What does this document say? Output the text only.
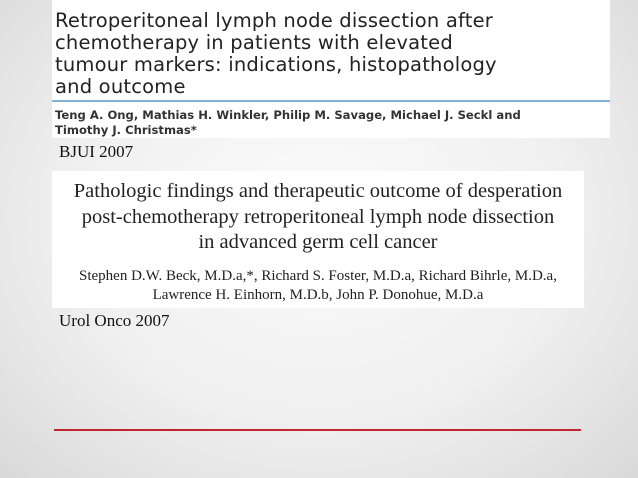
Retroperitoneal lymph node dissection after
chemotherapy in patients with elevated
tumour markers: indications, histopathology
and outcome
Teng A. Ong, Mathias H. Winkler, Philip M. Savage, Michael J. Seckl and
Timothy J. Christmas*
BJUI 2007
Pathologic findings and therapeutic outcome of desperation
post-chemotherapy retroperitoneal lymph node dissection
in advanced germ cell cancer
Stephen D.W. Beck, M.D.a,*, Richard S. Foster, M.D.a, Richard Bihrle, M.D.a,
Lawrence H. Einhorn, M.D.b, John P. Donohue, M.D.a
Urol Onco 2007
